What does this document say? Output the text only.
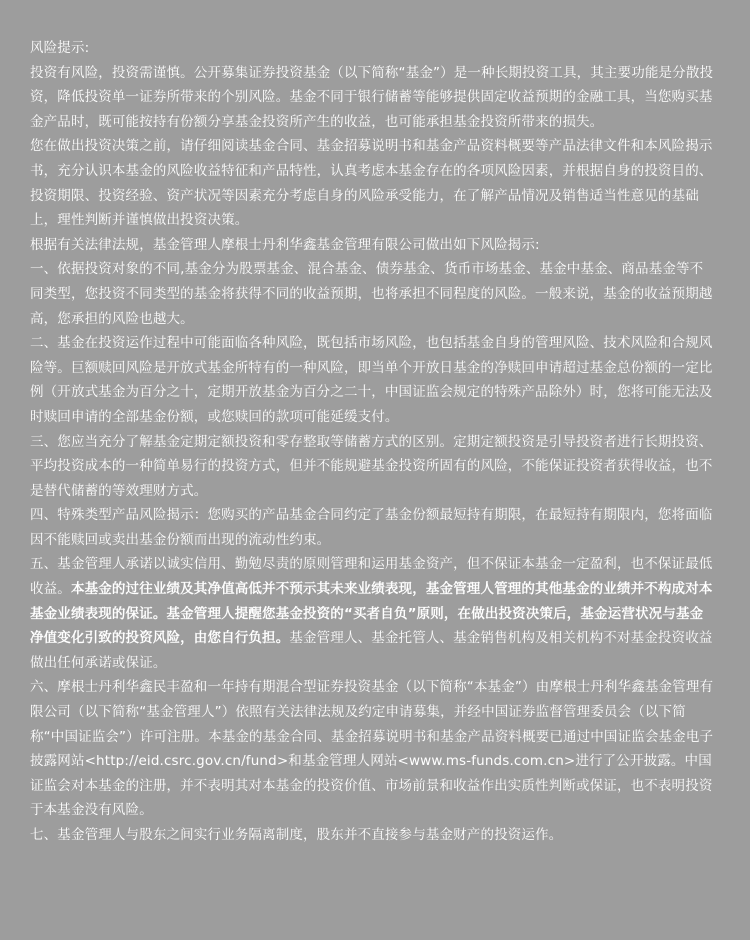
风险提示:

投资有风险，投资需谨慎。公开募集证券投资基金（以下简称“基金”）是一种长期投资工具，其主要功能是分散投资，降低投资单一证券所带来的个别风险。基金不同于银行储蓄等能够提供固定收益预期的金融工具，当您购买基金产品时，既可能按持有份额分享基金投资所产生的收益，也可能承担基金投资所带来的损失。

您在做出投资决策之前，请仔细阅读基金合同、基金招募说明书和基金产品资料概要等产品法律文件和本风险揭示书，充分认识本基金的风险收益特征和产品特性，认真考虑本基金存在的各项风险因素，并根据自身的投资目的、投资期限、投资经验、资产状况等因素充分考虑自身的风险承受能力，在了解产品情况及销售适当性意见的基础上，理性判断并谨慎做出投资决策。

根据有关法律法规，基金管理人摩根士丹利华鑫基金管理有限公司做出如下风险揭示:

一、依据投资对象的不同,基金分为股票基金、混合基金、债券基金、货币市场基金、基金中基金、商品基金等不同类型，您投资不同类型的基金将获得不同的收益预期，也将承担不同程度的风险。一般来说，基金的收益预期越高，您承担的风险也越大。

二、基金在投资运作过程中可能面临各种风险，既包括市场风险，也包括基金自身的管理风险、技术风险和合规风险等。巨额赎回风险是开放式基金所特有的一种风险，即当单个开放日基金的净赎回申请超过基金总份额的一定比例（开放式基金为百分之十，定期开放基金为百分之二十，中国证监会规定的特殊产品除外）时，您将可能无法及时赎回申请的全部基金份额，或您赎回的款项可能延缓支付。

三、您应当充分了解基金定期定额投资和零存整取等储蓄方式的区别。定期定额投资是引导投资者进行长期投资、平均投资成本的一种简单易行的投资方式，但并不能规避基金投资所固有的风险，不能保证投资者获得收益，也不是替代储蓄的等效理财方式。

四、特殊类型产品风险揭示：您购买的产品基金合同约定了基金份额最短持有期限，在最短持有期限内，您将面临因不能赎回或卖出基金份额而出现的流动性约束。

五、基金管理人承诺以诚实信用、勤勉尽责的原则管理和运用基金资产，但不保证本基金一定盈利，也不保证最低收益。本基金的过往业绩及其净值高低并不预示其未来业绩表现，基金管理人管理的其他基金的业绩并不构成对本基金业绩表现的保证。基金管理人提醒您基金投资的“买者自负”原则，在做出投资决策后，基金运营状况与基金净值变化引致的投资风险，由您自行负担。基金管理人、基金托管人、基金销售机构及相关机构不对基金投资收益做出任何承诺或保证。

六、摩根士丹利华鑫民丰盈和一年持有期混合型证券投资基金（以下简称“本基金”）由摩根士丹利华鑫基金管理有限公司（以下简称“基金管理人”）依照有关法律法规及约定申请募集，并经中国证券监督管理委员会（以下简称“中国证监会”）许可注册。本基金的基金合同、基金招募说明书和基金产品资料概要已通过中国证监会基金电子披露网站<http://eid.csrc.gov.cn/fund>和基金管理人网站<www.ms-funds.com.cn>进行了公开披露。中国证监会对本基金的注册，并不表明其对本基金的投资价值、市场前景和收益作出实质性判断或保证，也不表明投资于本基金没有风险。

七、基金管理人与股东之间实行业务隔离制度，股东并不直接参与基金财产的投资运作。
